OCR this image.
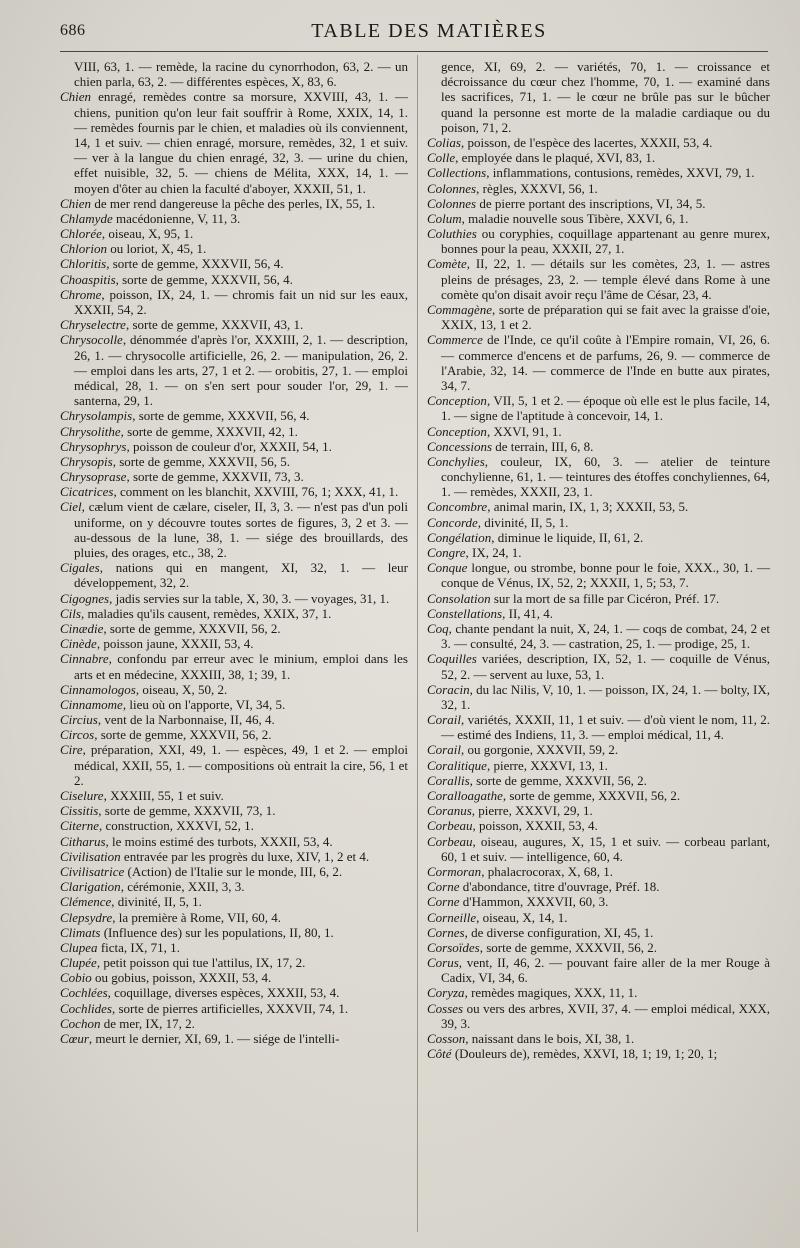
686	TABLE DES MATIÈRES

VIII, 63, 1. — remède, la racine du cynorrhodon, 63, 2. — un chien parla, 63, 2. — différentes espèces, X, 83, 6.

Chien enragé, remèdes contre sa morsure, XXVIII, 43, 1. — chiens, punition qu'on leur fait souffrir à Rome, XXIX, 14, 1. — remèdes fournis par le chien, et maladies où ils conviennent, 14, 1 et suiv. — chien enragé, morsure, remèdes, 32, 1 et suiv. — ver à la langue du chien enragé, 32, 3. — urine du chien, effet nuisible, 32, 5. — chiens de Mélita, XXX, 14, 1. — moyen d'ôter au chien la faculté d'aboyer, XXXII, 51, 1.

Chien de mer rend dangereuse la pêche des perles, IX, 55, 1.

Chlamyde macédonienne, V, 11, 3.

Chlorée, oiseau, X, 95, 1.

Chlorion ou loriot, X, 45, 1.

Chloritis, sorte de gemme, XXXVII, 56, 4.

Choaspitis, sorte de gemme, XXXVII, 56, 4.

Chrome, poisson, IX, 24, 1. — chromis fait un nid sur les eaux, XXXII, 54, 2.

Chryselectre, sorte de gemme, XXXVII, 43, 1.

Chrysocolle, dénommée d'après l'or, XXXIII, 2, 1. — description, 26, 1. — chrysocolle artificielle, 26, 2. — manipulation, 26, 2. — emploi dans les arts, 27, 1 et 2. — orobitis, 27, 1. — emploi médical, 28, 1. — on s'en sert pour souder l'or, 29, 1. — santerna, 29, 1.

Chrysolampis, sorte de gemme, XXXVII, 56, 4.

Chrysolithe, sorte de gemme, XXXVII, 42, 1.

Chrysophrys, poisson de couleur d'or, XXXII, 54, 1.

Chrysopis, sorte de gemme, XXXVII, 56, 5.

Chrysoprase, sorte de gemme, XXXVII, 73, 3.

Cicatrices, comment on les blanchit, XXVIII, 76, 1; XXX, 41, 1.

Ciel, cælum vient de cælare, ciseler, II, 3, 3. — n'est pas d'un poli uniforme, on y découvre toutes sortes de figures, 3, 2 et 3. — au-dessous de la lune, 38, 1. — siége des brouillards, des pluies, des orages, etc., 38, 2.

Cigales, nations qui en mangent, XI, 32, 1. — leur développement, 32, 2.

Cigognes, jadis servies sur la table, X, 30, 3. — voyages, 31, 1.

Cils, maladies qu'ils causent, remèdes, XXIX, 37, 1.

Cinædie, sorte de gemme, XXXVII, 56, 2.

Cinède, poisson jaune, XXXII, 53, 4.

Cinnabre, confondu par erreur avec le minium, emploi dans les arts et en médecine, XXXIII, 38, 1; 39, 1.

Cinnamologos, oiseau, X, 50, 2.

Cinnamome, lieu où on l'apporte, VI, 34, 5.

Circius, vent de la Narbonnaise, II, 46, 4.

Circos, sorte de gemme, XXXVII, 56, 2.

Cire, préparation, XXI, 49, 1. — espèces, 49, 1 et 2. — emploi médical, XXII, 55, 1. — compositions où entrait la cire, 56, 1 et 2.

Ciselure, XXXIII, 55, 1 et suiv.

Cissitis, sorte de gemme, XXXVII, 73, 1.

Citerne, construction, XXXVI, 52, 1.

Citharus, le moins estimé des turbots, XXXII, 53, 4.

Civilisation entravée par les progrès du luxe, XIV, 1, 2 et 4.

Civilisatrice (Action) de l'Italie sur le monde, III, 6, 2.

Clarigation, cérémonie, XXII, 3, 3.

Clémence, divinité, II, 5, 1.

Clepsydre, la première à Rome, VII, 60, 4.

Climats (Influence des) sur les populations, II, 80, 1.

Clupea ficta, IX, 71, 1.

Clupée, petit poisson qui tue l'attilus, IX, 17, 2.

Cobio ou gobius, poisson, XXXII, 53, 4.

Cochlées, coquillage, diverses espèces, XXXII, 53, 4.

Cochlides, sorte de pierres artificielles, XXXVII, 74, 1.

Cochon de mer, IX, 17, 2.

Cœur, meurt le dernier, XI, 69, 1. — siége de l'intelli-

gence, XI, 69, 2. — variétés, 70, 1. — croissance et décroissance du cœur chez l'homme, 70, 1. — examiné dans les sacrifices, 71, 1. — le cœur ne brûle pas sur le bûcher quand la personne est morte de la maladie cardiaque ou du poison, 71, 2.

Colias, poisson, de l'espèce des lacertes, XXXII, 53, 4.

Colle, employée dans le plaqué, XVI, 83, 1.

Collections, inflammations, contusions, remèdes, XXVI, 79, 1.

Colonnes, règles, XXXVI, 56, 1.

Colonnes de pierre portant des inscriptions, VI, 34, 5.

Colum, maladie nouvelle sous Tibère, XXVI, 6, 1.

Coluthies ou coryphies, coquillage appartenant au genre murex, bonnes pour la peau, XXXII, 27, 1.

Comète, II, 22, 1. — détails sur les comètes, 23, 1. — astres pleins de présages, 23, 2. — temple élevé dans Rome à une comète qu'on disait avoir reçu l'âme de César, 23, 4.

Commagène, sorte de préparation qui se fait avec la graisse d'oie, XXIX, 13, 1 et 2.

Commerce de l'Inde, ce qu'il coûte à l'Empire romain, VI, 26, 6. — commerce d'encens et de parfums, 26, 9. — commerce de l'Arabie, 32, 14. — commerce de l'Inde en butte aux pirates, 34, 7.

Conception, VII, 5, 1 et 2. — époque où elle est le plus facile, 14, 1. — signe de l'aptitude à concevoir, 14, 1.

Conception, XXVI, 91, 1.

Concessions de terrain, III, 6, 8.

Conchylies, couleur, IX, 60, 3. — atelier de teinture conchylienne, 61, 1. — teintures des étoffes conchyliennes, 64, 1. — remèdes, XXXII, 23, 1.

Concombre, animal marin, IX, 1, 3; XXXII, 53, 5.

Concorde, divinité, II, 5, 1.

Congélation, diminue le liquide, II, 61, 2.

Congre, IX, 24, 1.

Conque longue, ou strombe, bonne pour le foie, XXX., 30, 1. — conque de Vénus, IX, 52, 2; XXXII, 1, 5; 53, 7.

Consolation sur la mort de sa fille par Cicéron, Préf. 17.

Constellations, II, 41, 4.

Coq, chante pendant la nuit, X, 24, 1. — coqs de combat, 24, 2 et 3. — consulté, 24, 3. — castration, 25, 1. — prodige, 25, 1.

Coquilles variées, description, IX, 52, 1. — coquille de Vénus, 52, 2. — servent au luxe, 53, 1.

Coracin, du lac Nilis, V, 10, 1. — poisson, IX, 24, 1. — bolty, IX, 32, 1.

Corail, variétés, XXXII, 11, 1 et suiv. — d'où vient le nom, 11, 2. — estimé des Indiens, 11, 3. — emploi médical, 11, 4.

Corail, ou gorgonie, XXXVII, 59, 2.

Coralitique, pierre, XXXVI, 13, 1.

Corallis, sorte de gemme, XXXVII, 56, 2.

Coralloagathe, sorte de gemme, XXXVII, 56, 2.

Coranus, pierre, XXXVI, 29, 1.

Corbeau, poisson, XXXII, 53, 4.

Corbeau, oiseau, augures, X, 15, 1 et suiv. — corbeau parlant, 60, 1 et suiv. — intelligence, 60, 4.

Cormoran, phalacrocorax, X, 68, 1.

Corne d'abondance, titre d'ouvrage, Préf. 18.

Corne d'Hammon, XXXVII, 60, 3.

Corneille, oiseau, X, 14, 1.

Cornes, de diverse configuration, XI, 45, 1.

Corsoïdes, sorte de gemme, XXXVII, 56, 2.

Corus, vent, II, 46, 2. — pouvant faire aller de la mer Rouge à Cadix, VI, 34, 6.

Coryza, remèdes magiques, XXX, 11, 1.

Cosses ou vers des arbres, XVII, 37, 4. — emploi médical, XXX, 39, 3.

Cosson, naissant dans le bois, XI, 38, 1.

Côté (Douleurs de), remèdes, XXVI, 18, 1; 19, 1; 20, 1;
